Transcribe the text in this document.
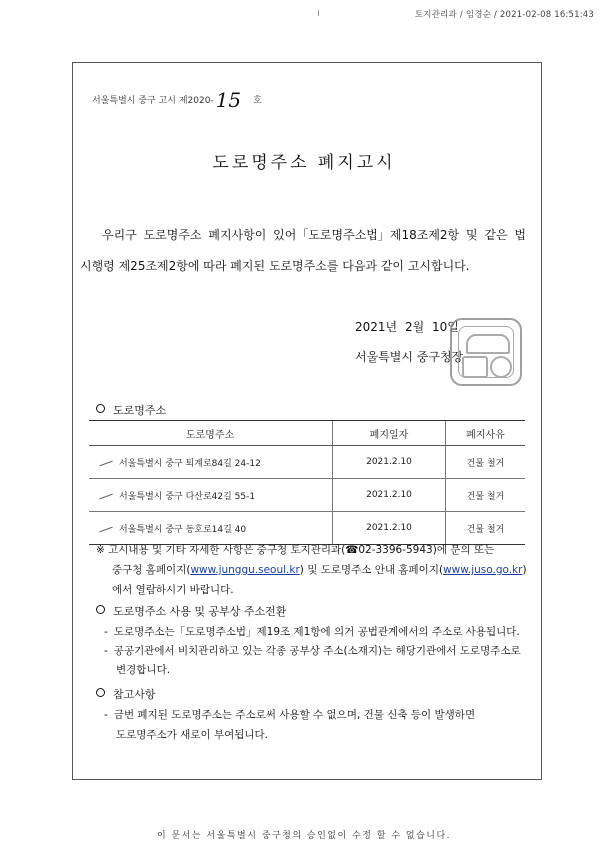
토지관리과 / 임경순 / 2021-02-08 16:51:43
서울특별시 중구 고시 제2020- 15 호
도로명주소 폐지고시
우리구 도로명주소 폐지사항이 있어「도로명주소법」제18조제2항 및 같은 법
시행령 제25조제2항에 따라 폐지된 도로명주소를 다음과 같이 고시합니다.
2021년 2월 10일
서울특별시 중구청장
도로명주소
도로명주소	폐지일자	폐지사유
서울특별시 중구 퇴계로84길 24-12	2021.2.10	건물 철거
서울특별시 중구 다산로42길 55-1	2021.2.10	건물 철거
서울특별시 중구 동호로14길 40	2021.2.10	건물 철거
※ 고시내용 및 기타 자세한 사항은 중구청 토지관리과(☎02-3396-5943)에 문의 또는
중구청 홈페이지(www.junggu.seoul.kr) 및 도로명주소 안내 홈페이지(www.juso.go.kr)
에서 열람하시기 바랍니다.
도로명주소 사용 및 공부상 주소전환
- 도로명주소는「도로명주소법」제19조 제1항에 의거 공법관계에서의 주소로 사용됩니다.
- 공공기관에서 비치관리하고 있는 각종 공부상 주소(소재지)는 해당기관에서 도로명주소로
변경합니다.
참고사항
- 금번 폐지된 도로명주소는 주소로써 사용할 수 없으며, 건물 신축 등이 발생하면
도로명주소가 새로이 부여됩니다.
이 문서는 서울특별시 중구청의 승인없이 수정 할 수 없습니다.
